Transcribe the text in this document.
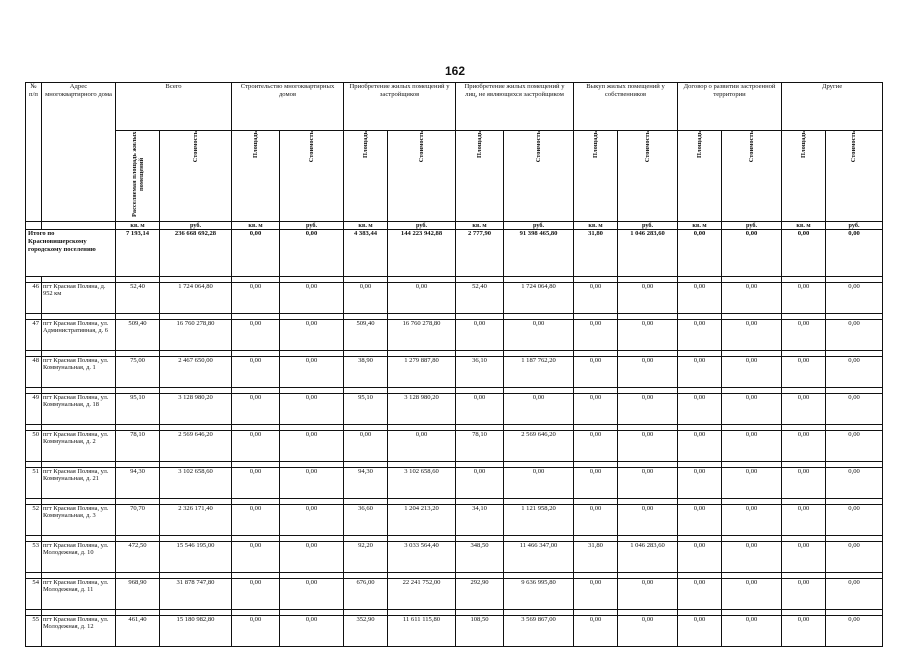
162
№ п/п	Адрес многоквартирного дома	Всего		Строительство многоквартирных домов		Приобретение жилых помещений у застройщиков		Приобретение жилых помещений у лиц, не являющихся застройщиком		Выкуп жилых помещений у собственников		Договор о развитии застроенной территории		Другие	
		Расселяемая площадь жилых помещений	Стоимость	Площадь	Стоимость	Площадь	Стоимость	Площадь	Стоимость	Площадь	Стоимость	Площадь	Стоимость	Площадь	Стоимость
		кв. м	руб.	кв. м	руб.	кв. м	руб.	кв. м	руб.	кв. м	руб.	кв. м	руб.	кв. м	руб.
Итого по Красновишерскому городскому поселению		7 193,14	236 668 692,28	0,00	0,00	4 383,44	144 223 942,88	2 777,90	91 398 465,80	31,80	1 046 283,60	0,00	0,00	0,00	0,00

46	пгт Красная Поляна, д. 952 км	52,40	1 724 064,80	0,00	0,00	0,00	0,00	52,40	1 724 064,80	0,00	0,00	0,00	0,00	0,00	0,00

47	пгт Красная Поляна, ул. Административная, д. 6	509,40	16 760 278,80	0,00	0,00	509,40	16 760 278,80	0,00	0,00	0,00	0,00	0,00	0,00	0,00	0,00

48	пгт Красная Поляна, ул. Коммунальная, д. 1	75,00	2 467 650,00	0,00	0,00	38,90	1 279 887,80	36,10	1 187 762,20	0,00	0,00	0,00	0,00	0,00	0,00

49	пгт Красная Поляна, ул. Коммунальная, д. 18	95,10	3 128 980,20	0,00	0,00	95,10	3 128 980,20	0,00	0,00	0,00	0,00	0,00	0,00	0,00	0,00

50	пгт Красная Поляна, ул. Коммунальная, д. 2	78,10	2 569 646,20	0,00	0,00	0,00	0,00	78,10	2 569 646,20	0,00	0,00	0,00	0,00	0,00	0,00

51	пгт Красная Поляна, ул. Коммунальная, д. 21	94,30	3 102 658,60	0,00	0,00	94,30	3 102 658,60	0,00	0,00	0,00	0,00	0,00	0,00	0,00	0,00

52	пгт Красная Поляна, ул. Коммунальная, д. 3	70,70	2 326 171,40	0,00	0,00	36,60	1 204 213,20	34,10	1 121 958,20	0,00	0,00	0,00	0,00	0,00	0,00

53	пгт Красная Поляна, ул. Молодежная, д. 10	472,50	15 546 195,00	0,00	0,00	92,20	3 033 564,40	348,50	11 466 347,00	31,80	1 046 283,60	0,00	0,00	0,00	0,00

54	пгт Красная Поляна, ул. Молодежная, д. 11	968,90	31 878 747,80	0,00	0,00	676,00	22 241 752,00	292,90	9 636 995,80	0,00	0,00	0,00	0,00	0,00	0,00

55	пгт Красная Поляна, ул. Молодежная, д. 12	461,40	15 180 982,80	0,00	0,00	352,90	11 611 115,80	108,50	3 569 867,00	0,00	0,00	0,00	0,00	0,00	0,00
